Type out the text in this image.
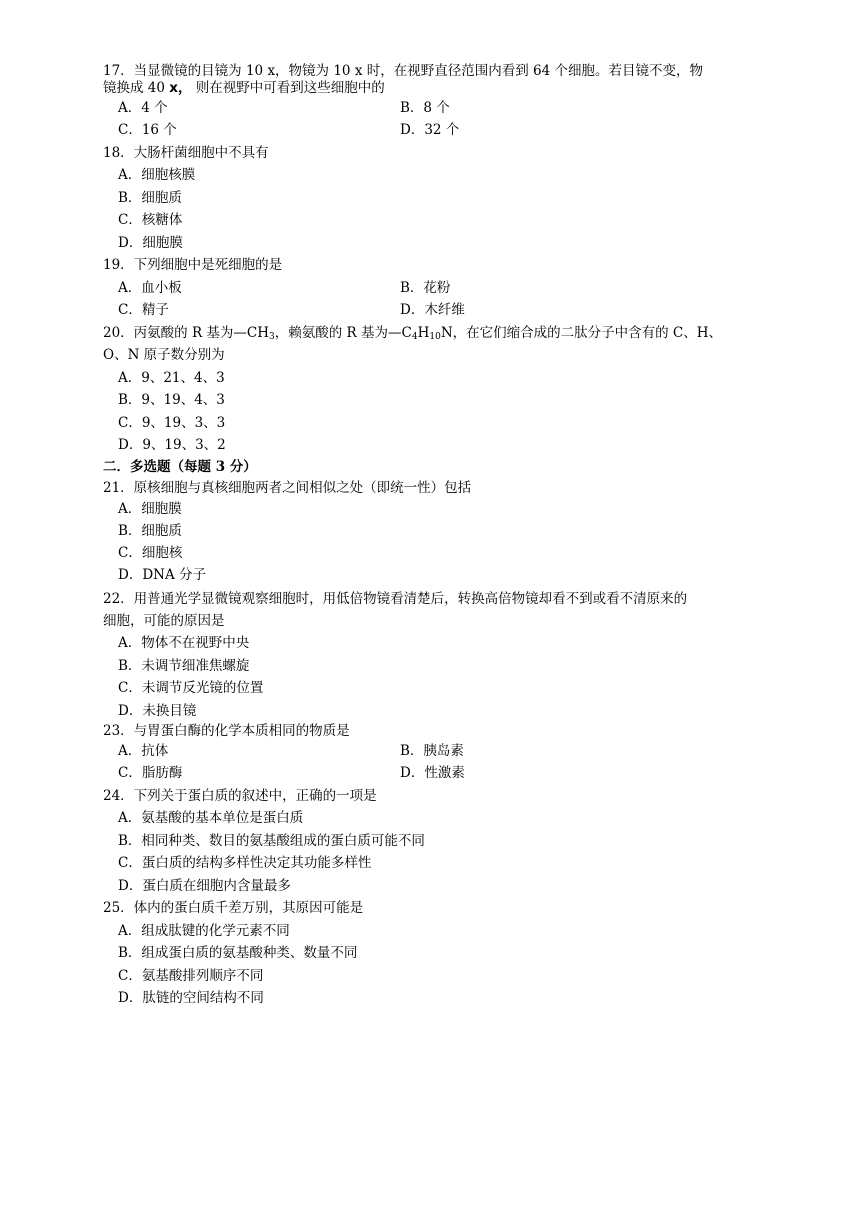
17．当显微镜的目镜为 10 x，物镜为 10 x 时，在视野直径范围内看到 64 个细胞。若目镜不变，物
镜换成 40 x， 则在视野中可看到这些细胞中的
A．4 个	B．8 个
C．16 个	D．32 个
18．大肠杆菌细胞中不具有
A．细胞核膜
B．细胞质
C．核糖体
D．细胞膜
19．下列细胞中是死细胞的是
A．血小板	B．花粉
C．精子	D．木纤维
20．丙氨酸的 R 基为$—CH_3$，赖氨酸的 R 基为$—C_4H_{10}N$，在它们缩合成的二肽分子中含有的 C、H、
O、N 原子数分别为
A．9、21、4、3
B．9、19、4、3
C．9、19、3、3
D．9、19、3、2
二．多选题（每题 3 分）
21．原核细胞与真核细胞两者之间相似之处（即统一性）包括
A．细胞膜
B．细胞质
C．细胞核
D．DNA 分子
22．用普通光学显微镜观察细胞时，用低倍物镜看清楚后，转换高倍物镜却看不到或看不清原来的
细胞，可能的原因是
A．物体不在视野中央
B．未调节细准焦螺旋
C．未调节反光镜的位置
D．未换目镜
23．与胃蛋白酶的化学本质相同的物质是
A．抗体	B．胰岛素
C．脂肪酶	D．性激素
24．下列关于蛋白质的叙述中，正确的一项是
A．氨基酸的基本单位是蛋白质
B．相同种类、数目的氨基酸组成的蛋白质可能不同
C．蛋白质的结构多样性决定其功能多样性
D．蛋白质在细胞内含量最多
25．体内的蛋白质千差万别，其原因可能是
A．组成肽键的化学元素不同
B．组成蛋白质的氨基酸种类、数量不同
C．氨基酸排列顺序不同
D．肽链的空间结构不同
